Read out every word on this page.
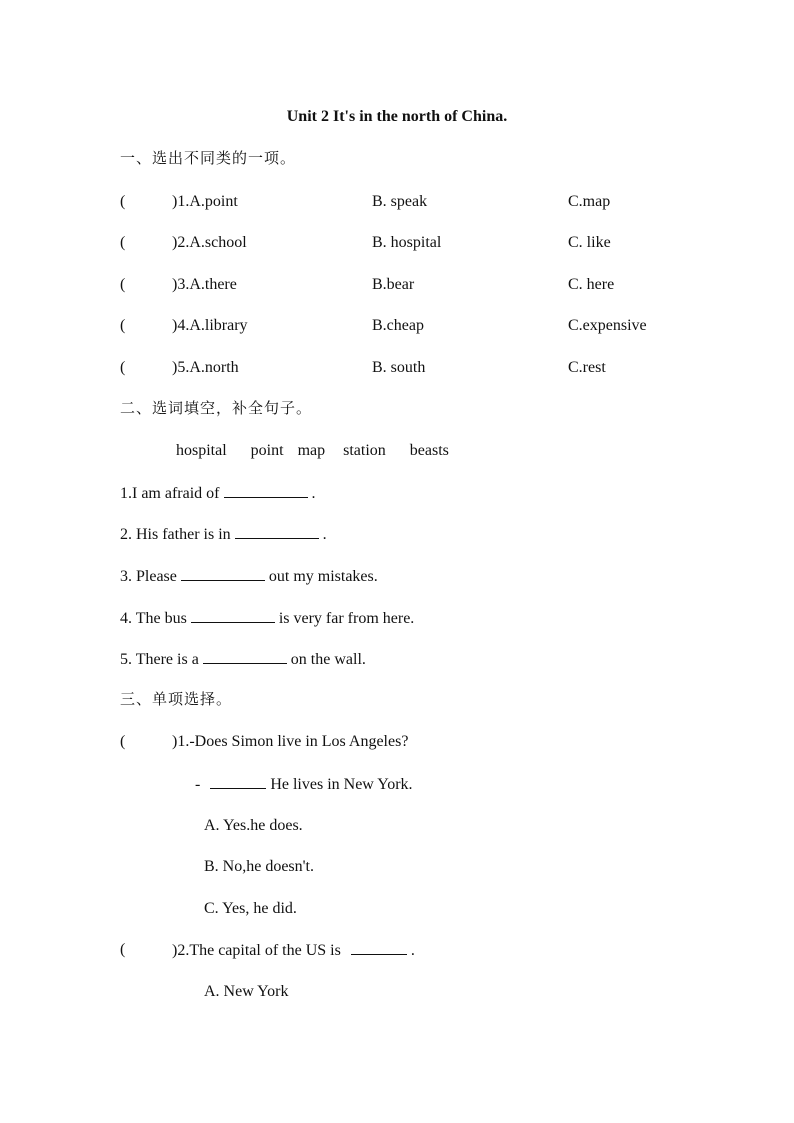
Unit 2 It's in the north of China.
一、选出不同类的一项。
(	)1.A.point	B. speak	C.map
(	)2.A.school	B. hospital	C. like
(	)3.A.there	B.bear	C. here
(	)4.A.library	B.cheap	C.expensive
(	)5.A.north	B. south	C.rest
二、选词填空，补全句子。
hospital point map station beasts
1.I am afraid of	.
2. His father is in	.
3. Please	out my mistakes.
4. The bus	is very far from here.
5. There is a	on the wall.
三、单项选择。
(	)1.-Does Simon live in Los Angeles?
-	He lives in New York.
A. Yes.he does.
B. No,he doesn't.
C. Yes, he did.
(	)2.The capital of the US is	.
A. New York
